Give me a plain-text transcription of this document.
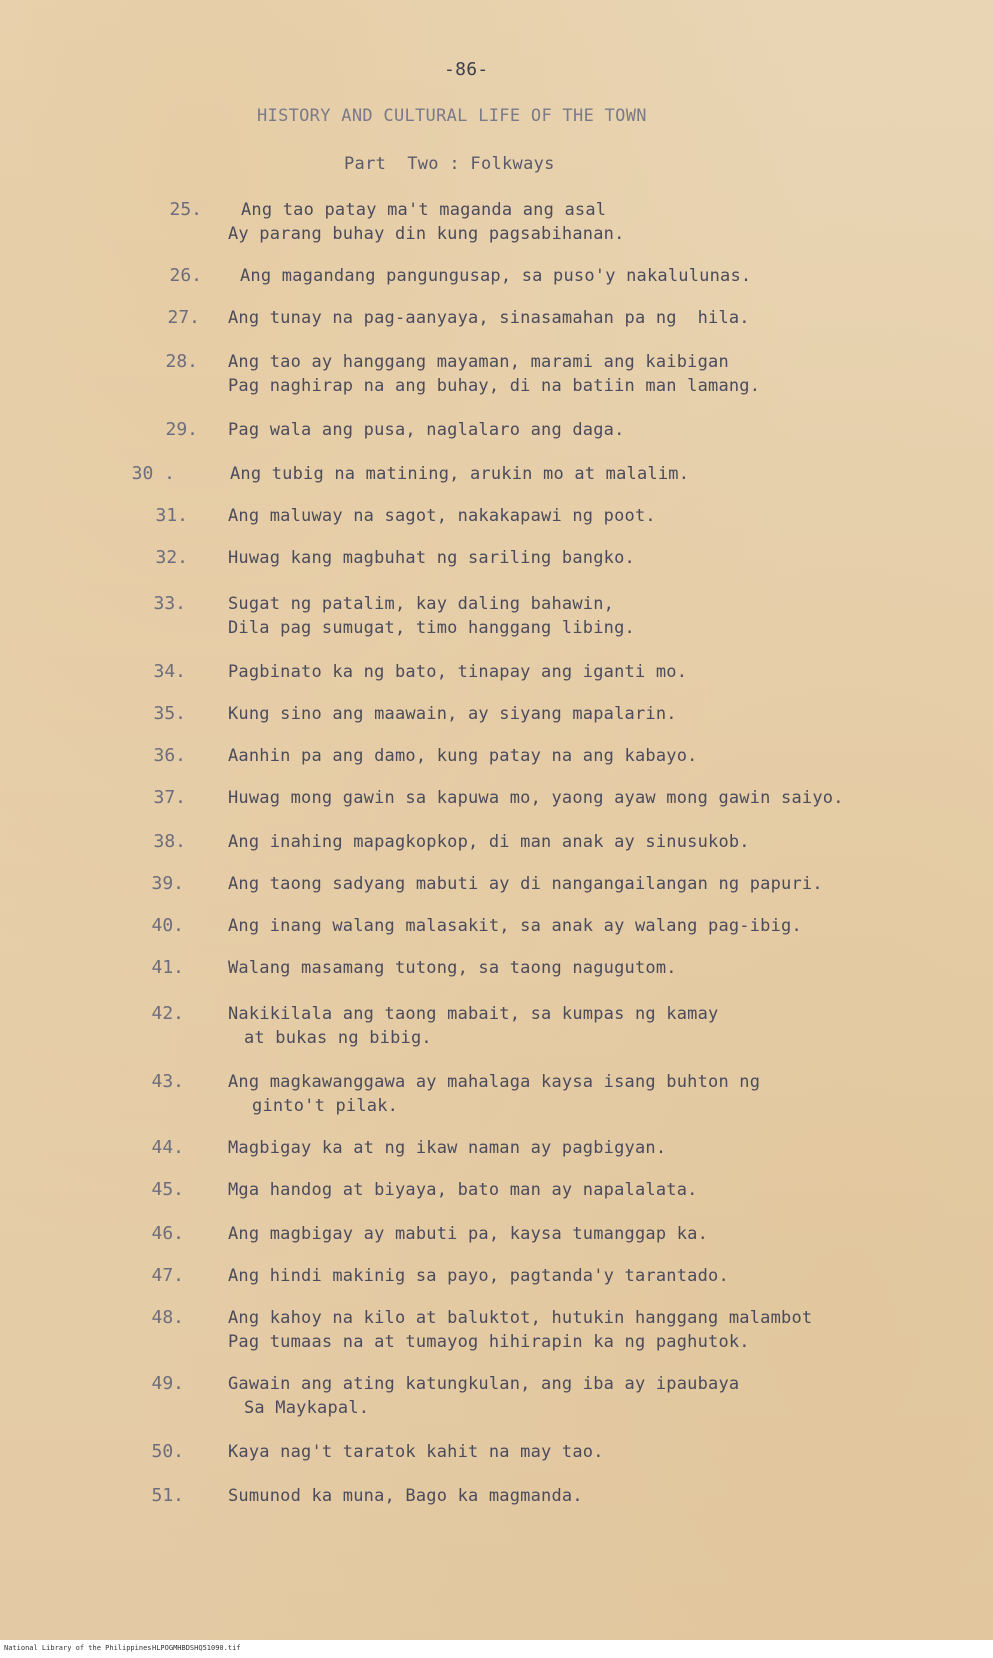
-86-
HISTORY AND CULTURAL LIFE OF THE TOWN
Part  Two : Folkways
25. Ang tao patay ma't maganda ang asal
Ay parang buhay din kung pagsabihanan.
26. Ang magandang pangungusap, sa puso'y nakalulunas.
27. Ang tunay na pag-aanyaya, sinasamahan pa ng  hila.
28. Ang tao ay hanggang mayaman, marami ang kaibigan
Pag naghirap na ang buhay, di na batiin man lamang.
29. Pag wala ang pusa, naglalaro ang daga.
30 .	Ang tubig na matining, arukin mo at malalim.
31. Ang maluway na sagot, nakakapawi ng poot.
32. Huwag kang magbuhat ng sariling bangko.
33. Sugat ng patalim, kay daling bahawin,
Dila pag sumugat, timo hanggang libing.
34. Pagbinato ka ng bato, tinapay ang iganti mo.
35. Kung sino ang maawain, ay siyang mapalarin.
36. Aanhin pa ang damo, kung patay na ang kabayo.
37. Huwag mong gawin sa kapuwa mo, yaong ayaw mong gawin saiyo.
38. Ang inahing mapagkopkop, di man anak ay sinusukob.
39.	Ang taong sadyang mabuti ay di nangangailangan ng papuri.
40.	Ang inang walang malasakit, sa anak ay walang pag-ibig.
41.	Walang masamang tutong, sa taong nagugutom.
42.	Nakikilala ang taong mabait, sa kumpas ng kamay
at bukas ng bibig.
43.	Ang magkawanggawa ay mahalaga kaysa isang buhton ng
ginto't pilak.
44.	Magbigay ka at ng ikaw naman ay pagbigyan.
45.	Mga handog at biyaya, bato man ay napalalata.
46.	Ang magbigay ay mabuti pa, kaysa tumanggap ka.
47.	Ang hindi makinig sa payo, pagtanda'y tarantado.
48.	Ang kahoy na kilo at baluktot, hutukin hanggang malambot
Pag tumaas na at tumayog hihirapin ka ng paghutok.
49.	Gawain ang ating katungkulan, ang iba ay ipaubaya
Sa Maykapal.
50.	Kaya nag't taratok kahit na may tao.
51.	Sumunod ka muna, Bago ka magmanda.
National Library of the Philippines HLPOGMHBDSHQ51090.tif
